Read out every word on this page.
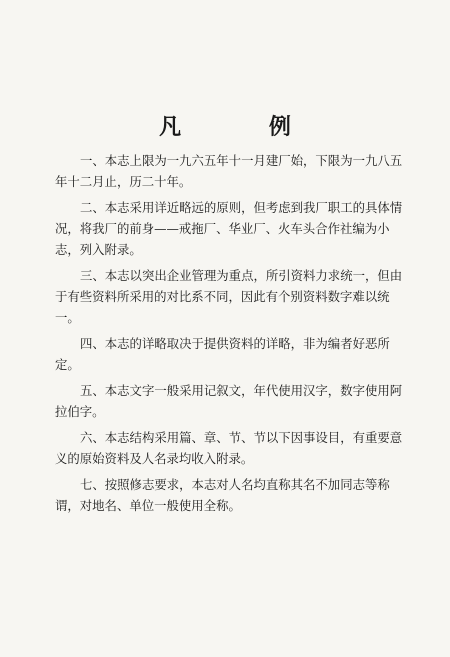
凡 例

一、本志上限为一九六五年十一月建厂始，下限为一九八五年十二月止，历二十年。

二、本志采用详近略远的原则，但考虑到我厂职工的具体情况，将我厂的前身——戒拖厂、华业厂、火车头合作社编为小志，列入附录。

三、本志以突出企业管理为重点，所引资料力求统一，但由于有些资料所采用的对比系不同，因此有个别资料数字难以统一。

四、本志的详略取决于提供资料的详略，非为编者好恶所定。

五、本志文字一般采用记叙文，年代使用汉字，数字使用阿拉伯字。

六、本志结构采用篇、章、节、节以下因事设目，有重要意义的原始资料及人名录均收入附录。

七、按照修志要求，本志对人名均直称其名不加同志等称谓，对地名、单位一般使用全称。
